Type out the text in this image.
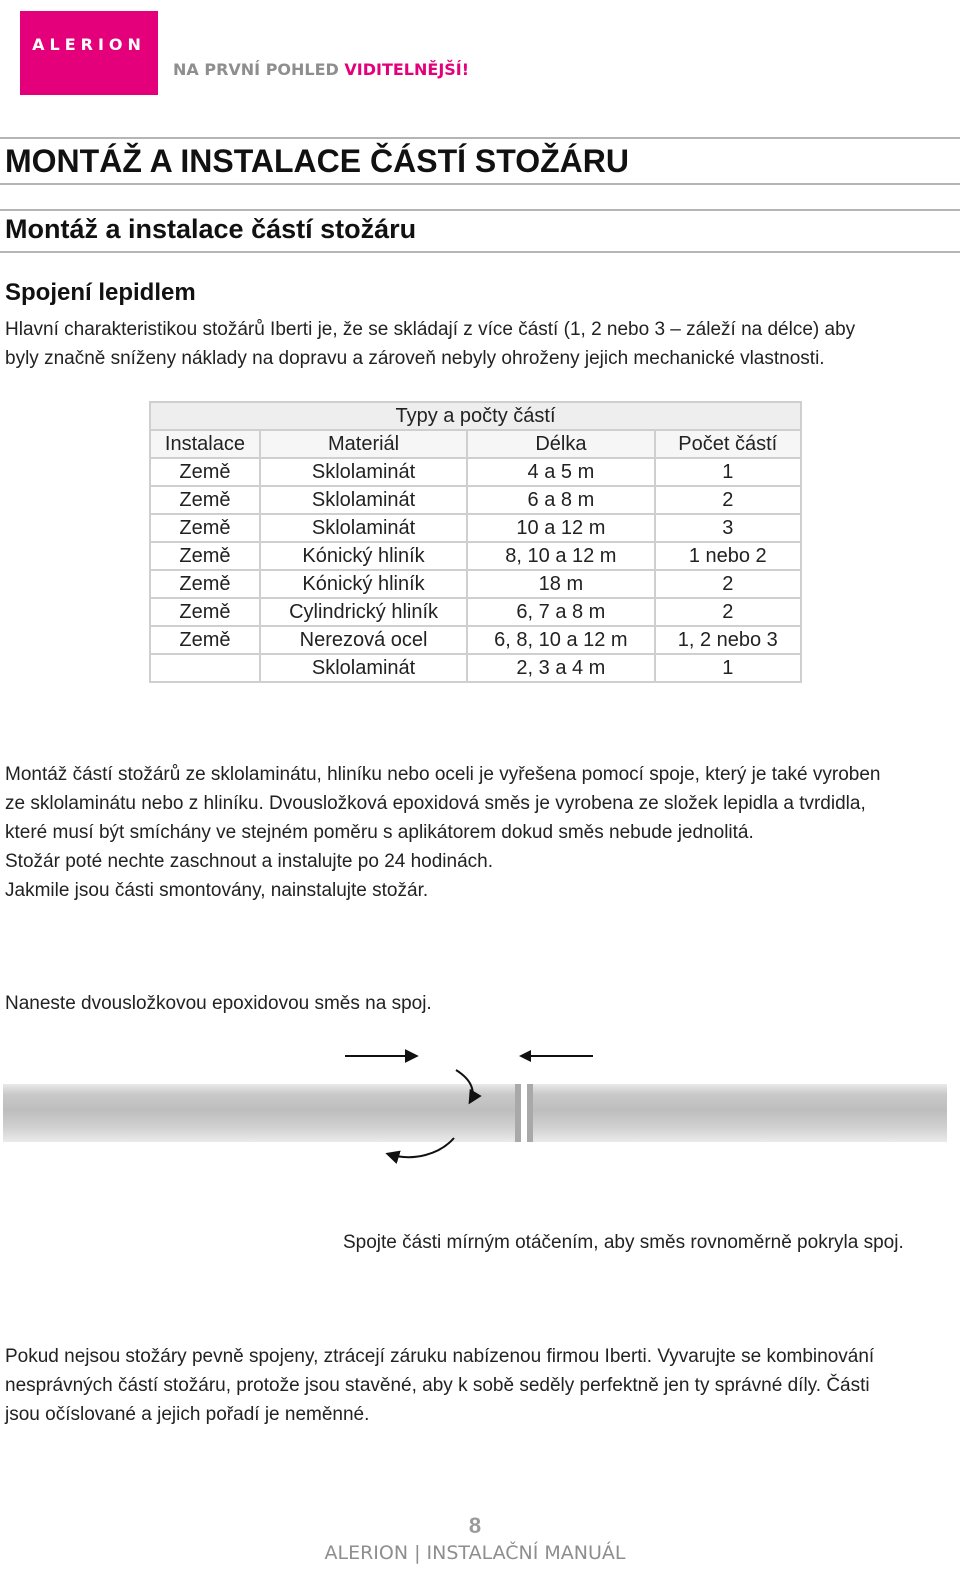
ALERION
NA PRVNÍ POHLED VIDITELNĚJŠÍ!
MONTÁŽ A INSTALACE ČÁSTÍ STOŽÁRU
Montáž a instalace částí stožáru
Spojení lepidlem
Hlavní charakteristikou stožárů Iberti je, že se skládají z více částí (1, 2 nebo 3 – záleží na délce) aby
byly značně sníženy náklady na dopravu a zároveň nebyly ohroženy jejich mechanické vlastnosti.
Typy a počty částí			
Instalace	Materiál	Délka	Počet částí
Země	Sklolaminát	4 a 5 m	1
Země	Sklolaminát	6 a 8 m	2
Země	Sklolaminát	10 a 12 m	3
Země	Kónický hliník	8, 10 a 12 m	1 nebo 2
Země	Kónický hliník	18 m	2
Země	Cylindrický hliník	6, 7 a 8 m	2
Země	Nerezová ocel	6, 8, 10 a 12 m	1, 2 nebo 3
	Sklolaminát	2, 3 a 4 m	1
Montáž částí stožárů ze sklolaminátu, hliníku nebo oceli je vyřešena pomocí spoje, který je také vyroben
ze sklolaminátu nebo z hliníku. Dvousložková epoxidová směs je vyrobena ze složek lepidla a tvrdidla,
které musí být smíchány ve stejném poměru s aplikátorem dokud směs nebude jednolitá.
Stožár poté nechte zaschnout a instalujte po 24 hodinách.
Jakmile jsou části smontovány, nainstalujte stožár.
Naneste dvousložkovou epoxidovou směs na spoj.
Spojte části mírným otáčením, aby směs rovnoměrně pokryla spoj.
Pokud nejsou stožáry pevně spojeny, ztrácejí záruku nabízenou firmou Iberti. Vyvarujte se kombinování
nesprávných částí stožáru, protože jsou stavěné, aby k sobě seděly perfektně jen ty správné díly. Části
jsou očíslované a jejich pořadí je neměnné.
8
ALERION | INSTALAČNÍ MANUÁL
